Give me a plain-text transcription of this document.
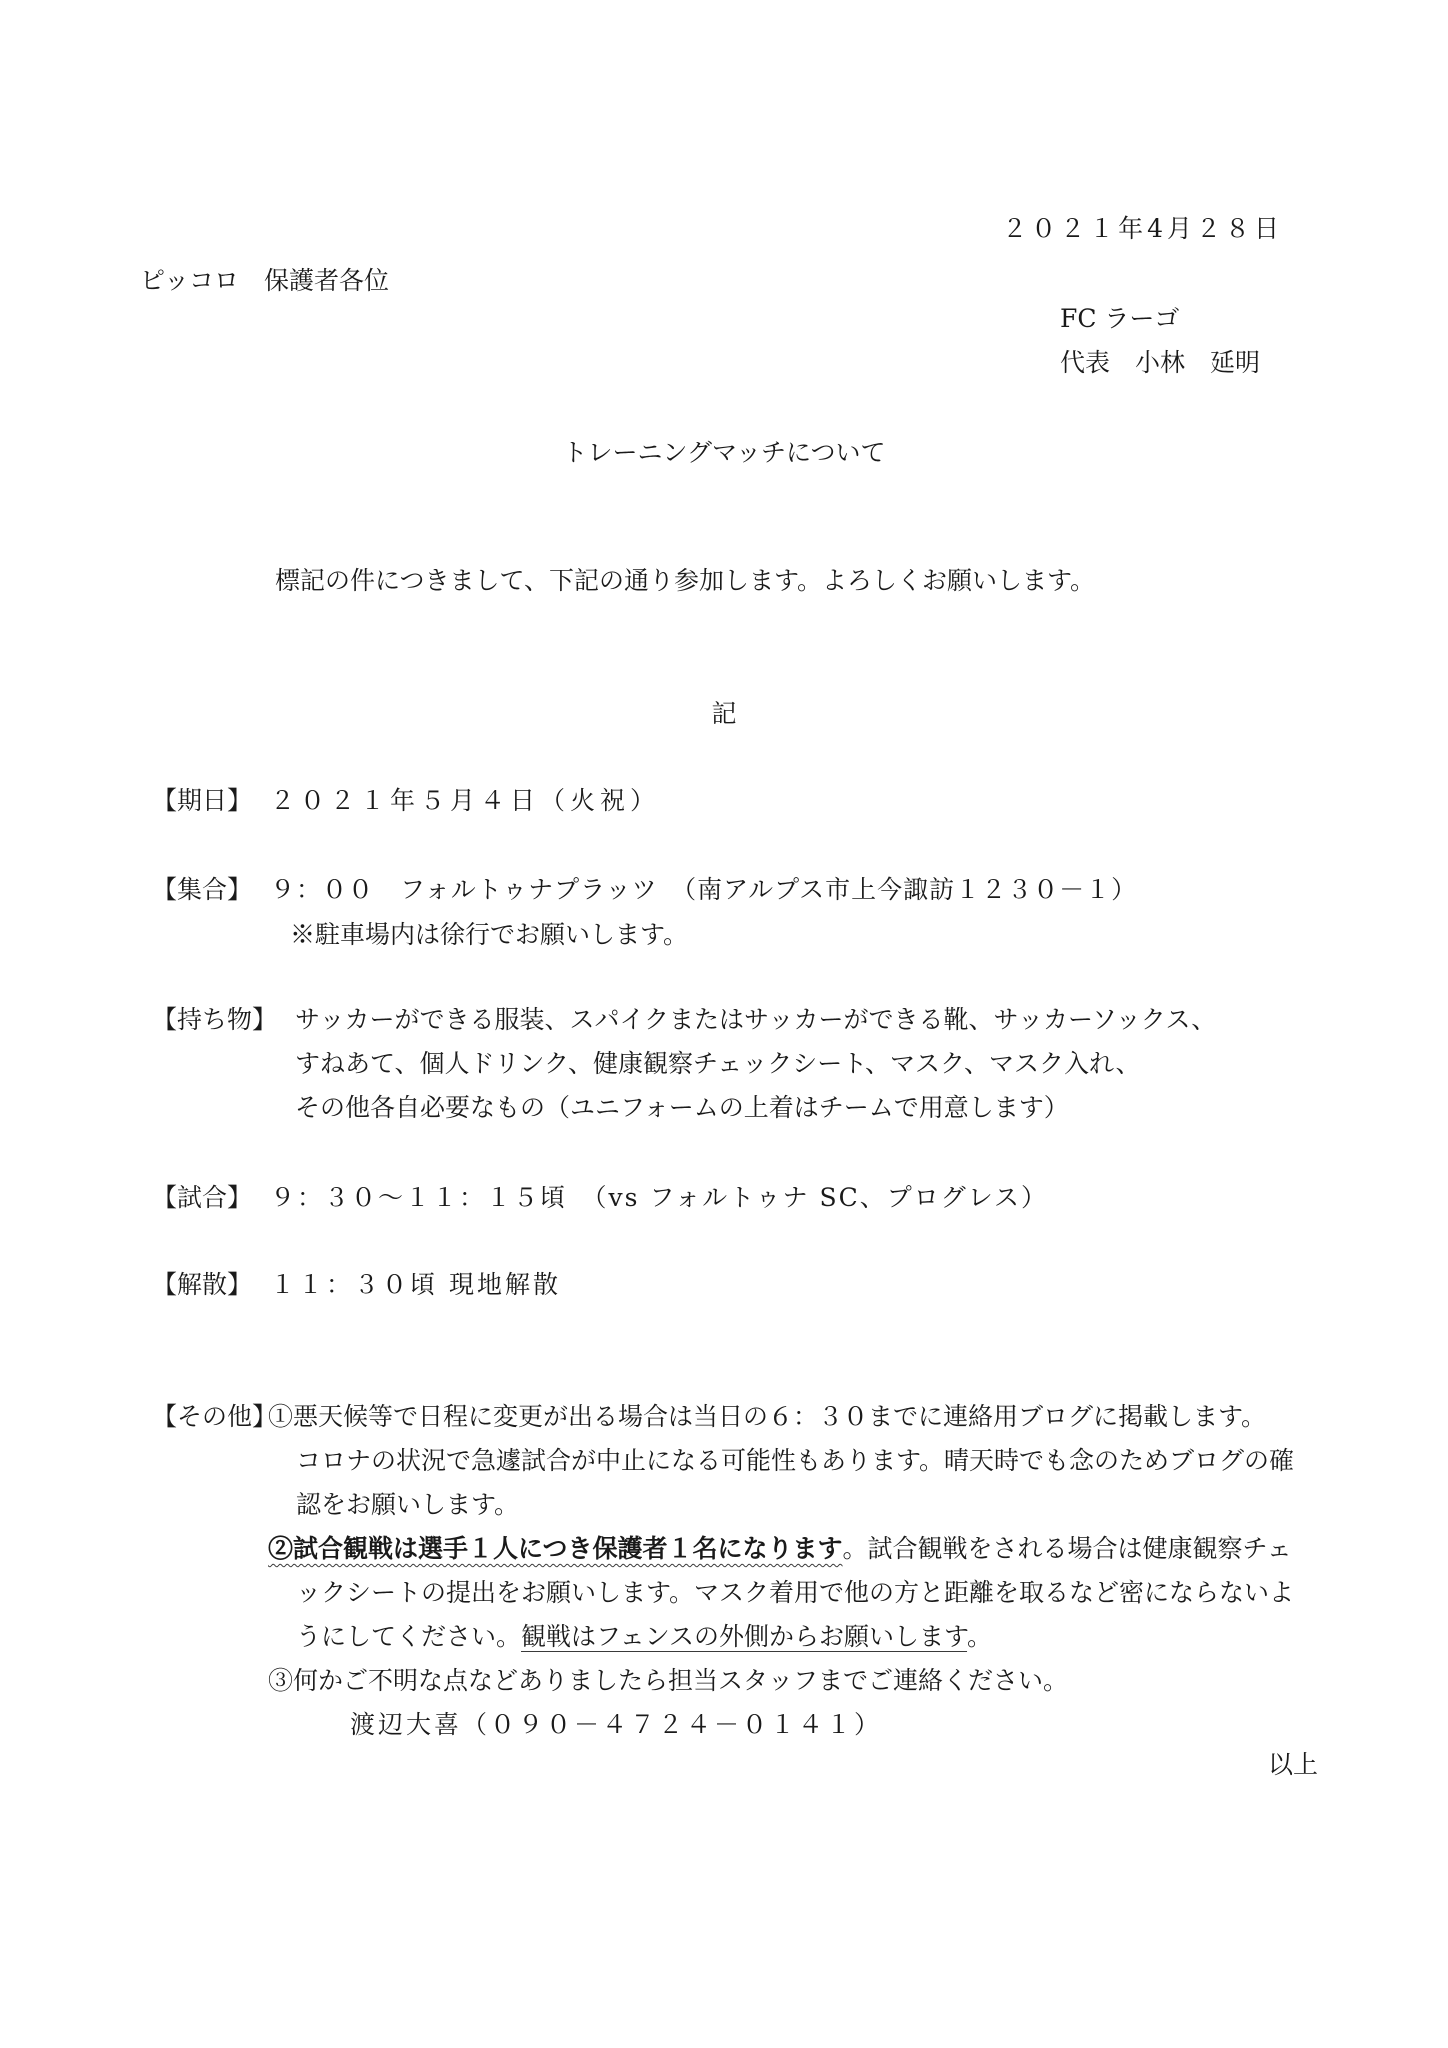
２０２１年4月２８日
ピッコロ　保護者各位
FC ラーゴ
代表　小林　延明
トレーニングマッチについて
標記の件につきまして、下記の通り参加します。よろしくお願いします。
記
【期日】 ２０２１年５月４日（火祝）
【集合】 ９：００　フォルトゥナプラッツ　（南アルプス市上今諏訪１２３０－１）
※駐車場内は徐行でお願いします。
【持ち物】 サッカーができる服装、スパイクまたはサッカーができる靴、サッカーソックス、
すねあて、個人ドリンク、健康観察チェックシート、マスク、マスク入れ、
その他各自必要なもの（ユニフォームの上着はチームで用意します）
【試合】 ９：３０～１１：１５頃　（vs フォルトゥナ SC、プログレス）
【解散】 １１：３０頃 現地解散
【その他】
①悪天候等で日程に変更が出る場合は当日の６：３０までに連絡用ブログに掲載します。
コロナの状況で急遽試合が中止になる可能性もあります。晴天時でも念のためブログの確
認をお願いします。
②試合観戦は選手１人につき保護者１名になります。試合観戦をされる場合は健康観察チェ
ックシートの提出をお願いします。マスク着用で他の方と距離を取るなど密にならないよ
うにしてください。観戦はフェンスの外側からお願いします。
③何かご不明な点などありましたら担当スタッフまでご連絡ください。
渡辺大喜（０９０－４７２４－０１４１）
以上
